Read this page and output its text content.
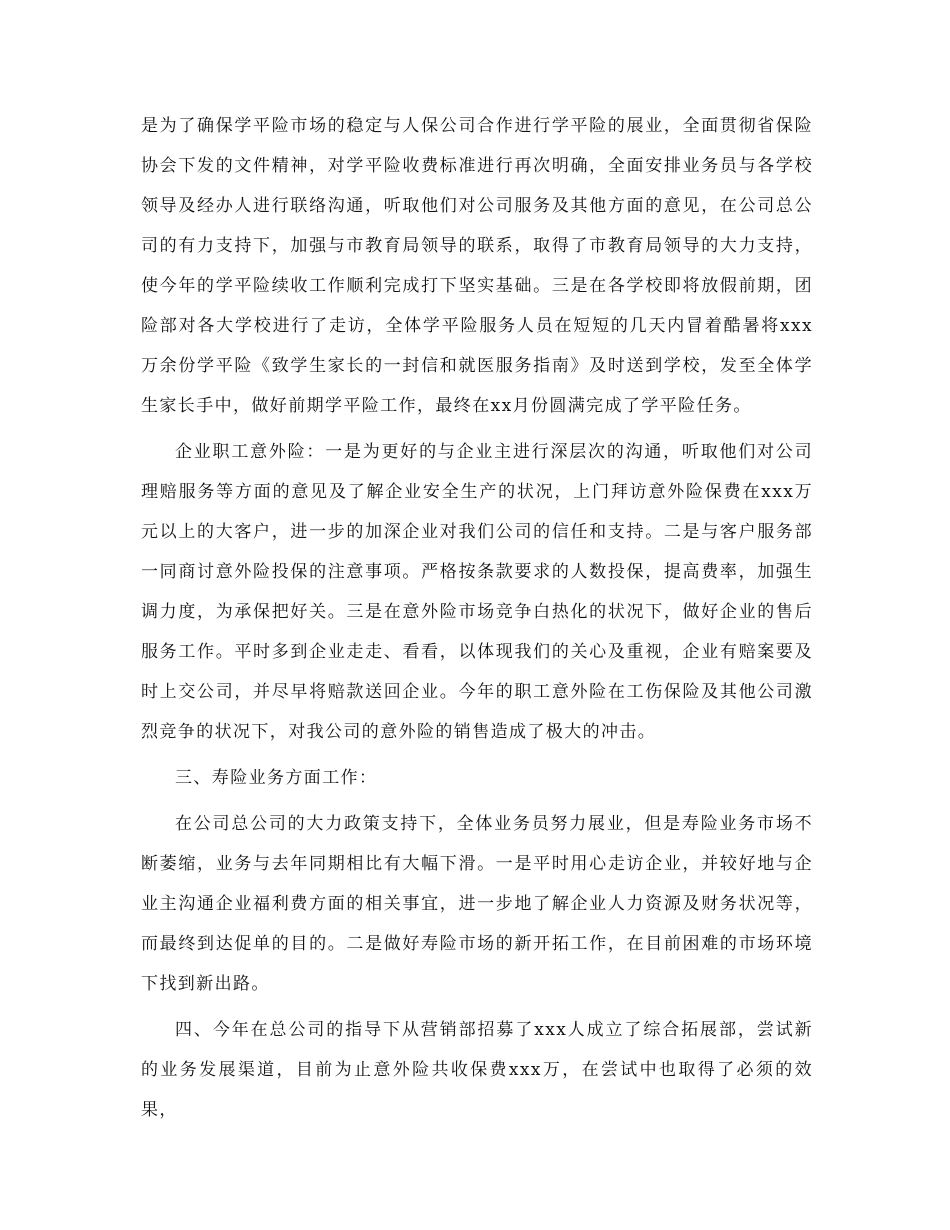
是为了确保学平险市场的稳定与人保公司合作进行学平险的展业，全面贯彻省保险协会下发的文件精神，对学平险收费标准进行再次明确，全面安排业务员与各学校领导及经办人进行联络沟通，听取他们对公司服务及其他方面的意见，在公司总公司的有力支持下，加强与市教育局领导的联系，取得了市教育局领导的大力支持，使今年的学平险续收工作顺利完成打下坚实基础。三是在各学校即将放假前期，团险部对各大学校进行了走访，全体学平险服务人员在短短的几天内冒着酷暑将xxx万余份学平险《致学生家长的一封信和就医服务指南》及时送到学校，发至全体学生家长手中，做好前期学平险工作，最终在xx月份圆满完成了学平险任务。

企业职工意外险：一是为更好的与企业主进行深层次的沟通，听取他们对公司理赔服务等方面的意见及了解企业安全生产的状况，上门拜访意外险保费在xxx万元以上的大客户，进一步的加深企业对我们公司的信任和支持。二是与客户服务部一同商讨意外险投保的注意事项。严格按条款要求的人数投保，提高费率，加强生调力度，为承保把好关。三是在意外险市场竞争白热化的状况下，做好企业的售后服务工作。平时多到企业走走、看看，以体现我们的关心及重视，企业有赔案要及时上交公司，并尽早将赔款送回企业。今年的职工意外险在工伤保险及其他公司激烈竞争的状况下，对我公司的意外险的销售造成了极大的冲击。

三、寿险业务方面工作：

在公司总公司的大力政策支持下，全体业务员努力展业，但是寿险业务市场不断萎缩，业务与去年同期相比有大幅下滑。一是平时用心走访企业，并较好地与企业主沟通企业福利费方面的相关事宜，进一步地了解企业人力资源及财务状况等，而最终到达促单的目的。二是做好寿险市场的新开拓工作，在目前困难的市场环境下找到新出路。

四、今年在总公司的指导下从营销部招募了xxx人成立了综合拓展部，尝试新的业务发展渠道，目前为止意外险共收保费xxx万，在尝试中也取得了必须的效果，
